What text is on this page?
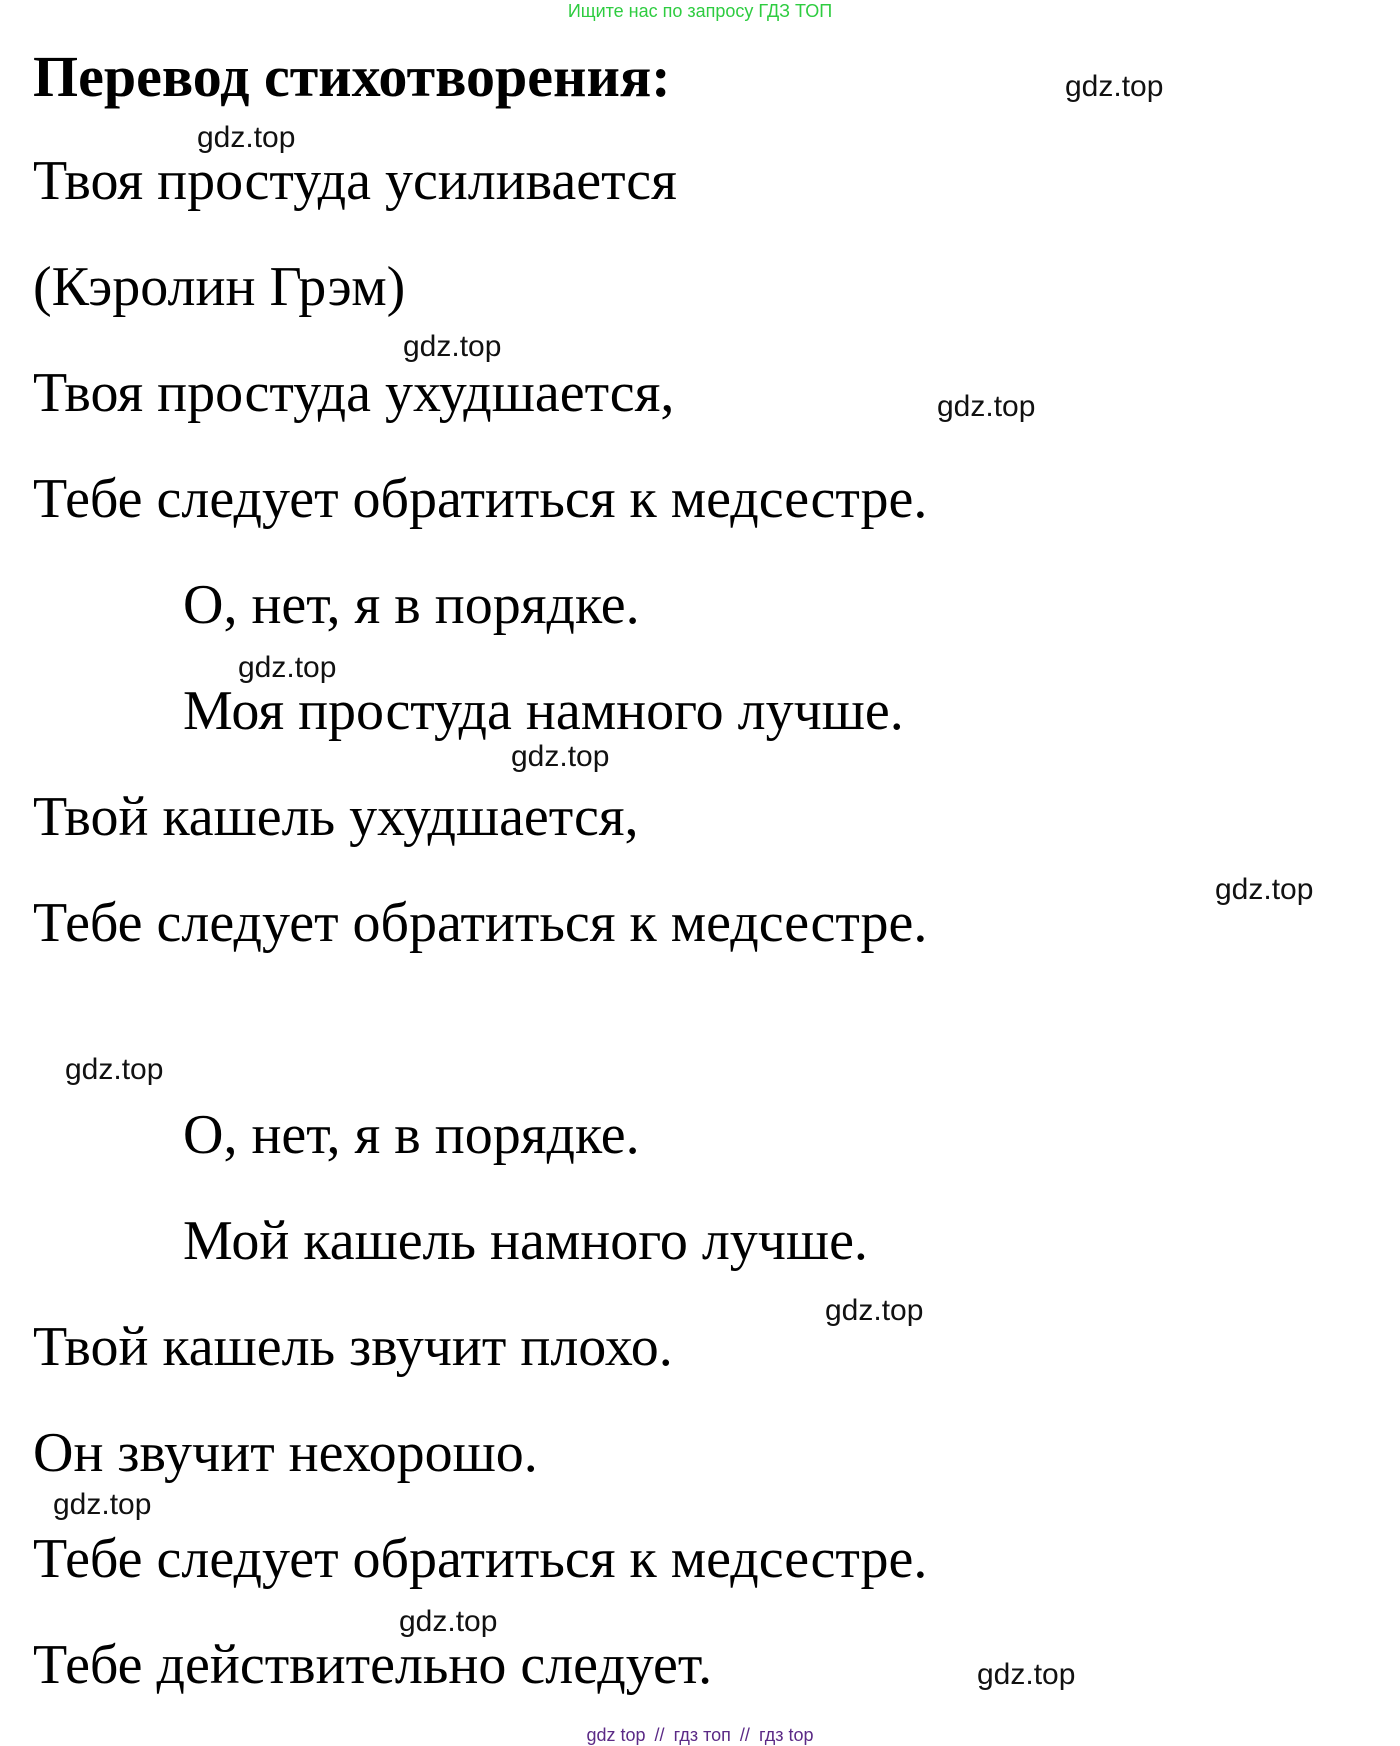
Ищите нас по запросу ГДЗ ТОП
Перевод стихотворения:
Твоя простуда усиливается
(Кэролин Грэм)
Твоя простуда ухудшается,
Тебе следует обратиться к медсестре.
О, нет, я в порядке.
Моя простуда намного лучше.
Твой кашель ухудшается,
Тебе следует обратиться к медсестре.
О, нет, я в порядке.
Мой кашель намного лучше.
Твой кашель звучит плохо.
Он звучит нехорошо.
Тебе следует обратиться к медсестре.
Тебе действительно следует.
gdz.top
gdz.top
gdz.top
gdz.top
gdz.top
gdz.top
gdz.top
gdz.top
gdz.top
gdz.top
gdz.top
gdz.top
gdz top // гдз топ // гдз top
